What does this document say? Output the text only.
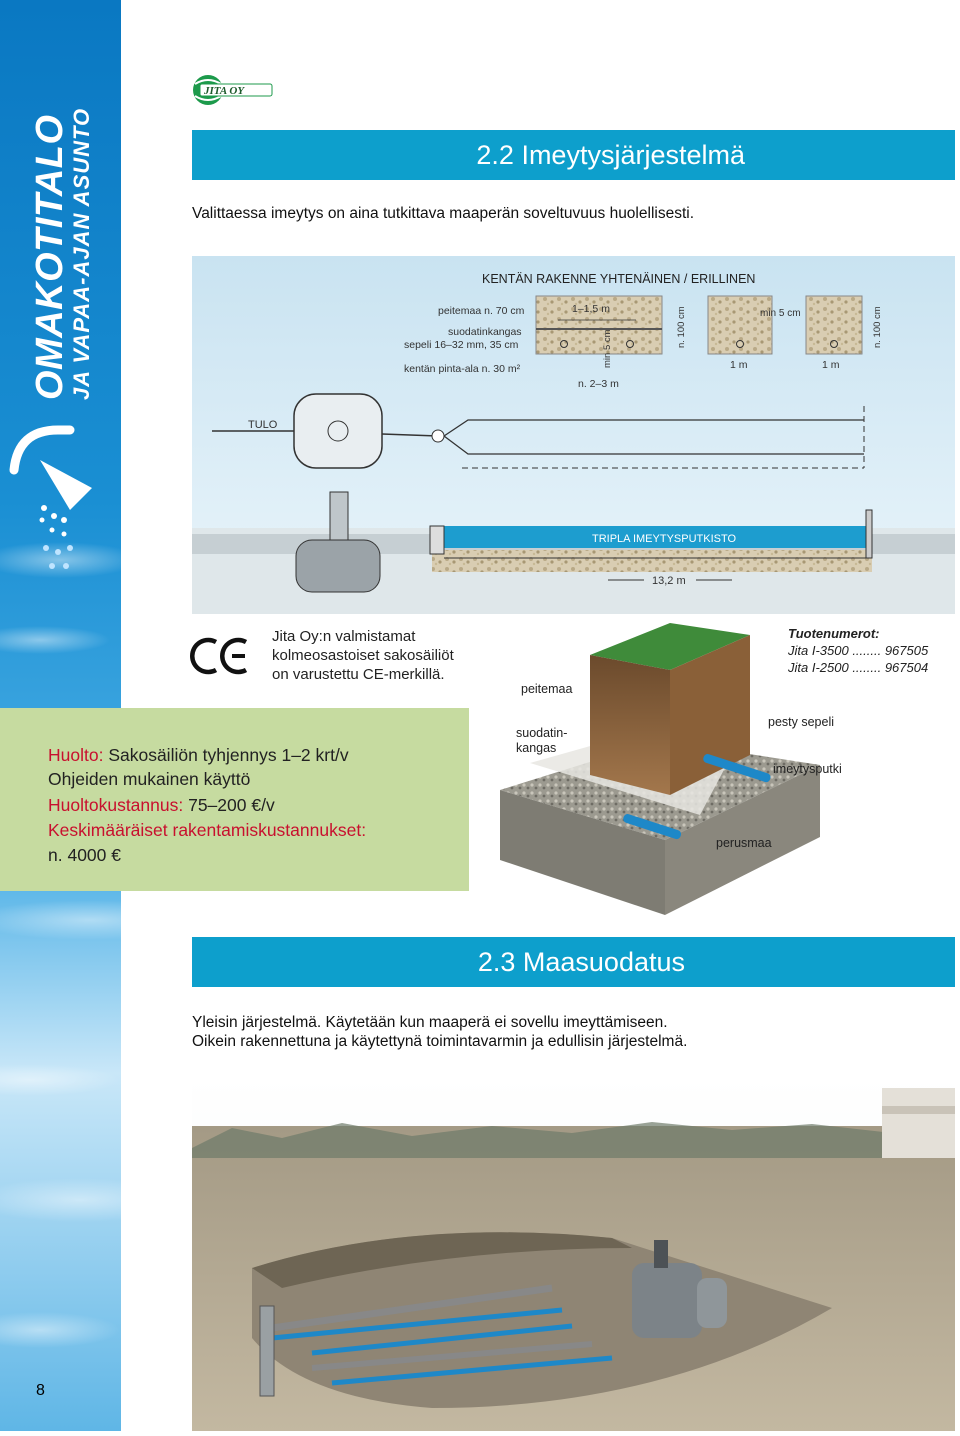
OMAKOTITALO
JA VAPAA-AJAN ASUNTO
8
JITA OY
2.2 Imeytysjärjestelmä
Valittaessa imeytys on aina tutkittava maaperän soveltuvuus huolellisesti.
KENTÄN RAKENNE YHTENÄINEN / ERILLINEN
peitemaa n. 70 cm
suodatinkangas
sepeli 16–32 mm, 35 cm
kentän pinta-ala n. 30 m²
1–1,5 m
n. 2–3 m
min 5 cm
n. 100 cm	min 5 cm	n. 100 cm
1 m	1 m
TULO
TRIPLA IMEYTYSPUTKISTO
13,2 m
Jita Oy:n valmistamat kolmeosastoiset sakosäiliöt on varustettu CE-merkillä.
Huolto: Sakosäiliön tyhjennys 1–2 krt/v
Ohjeiden mukainen käyttö
Huoltokustannus: 75–200 €/v
Keskimääräiset rakentamiskustannukset:
n. 4000 €
Tuotenumerot:
Jita I-3500 ........ 967505
Jita I-2500 ........ 967504
peitemaa
suodatin-
kangas
pesty sepeli
imeytysputki
perusmaa
2.3 Maasuodatus
Yleisin järjestelmä. Käytetään kun maaperä ei sovellu imeyttämiseen.
Oikein rakennettuna ja käytettynä toimintavarmin ja edullisin järjestelmä.
